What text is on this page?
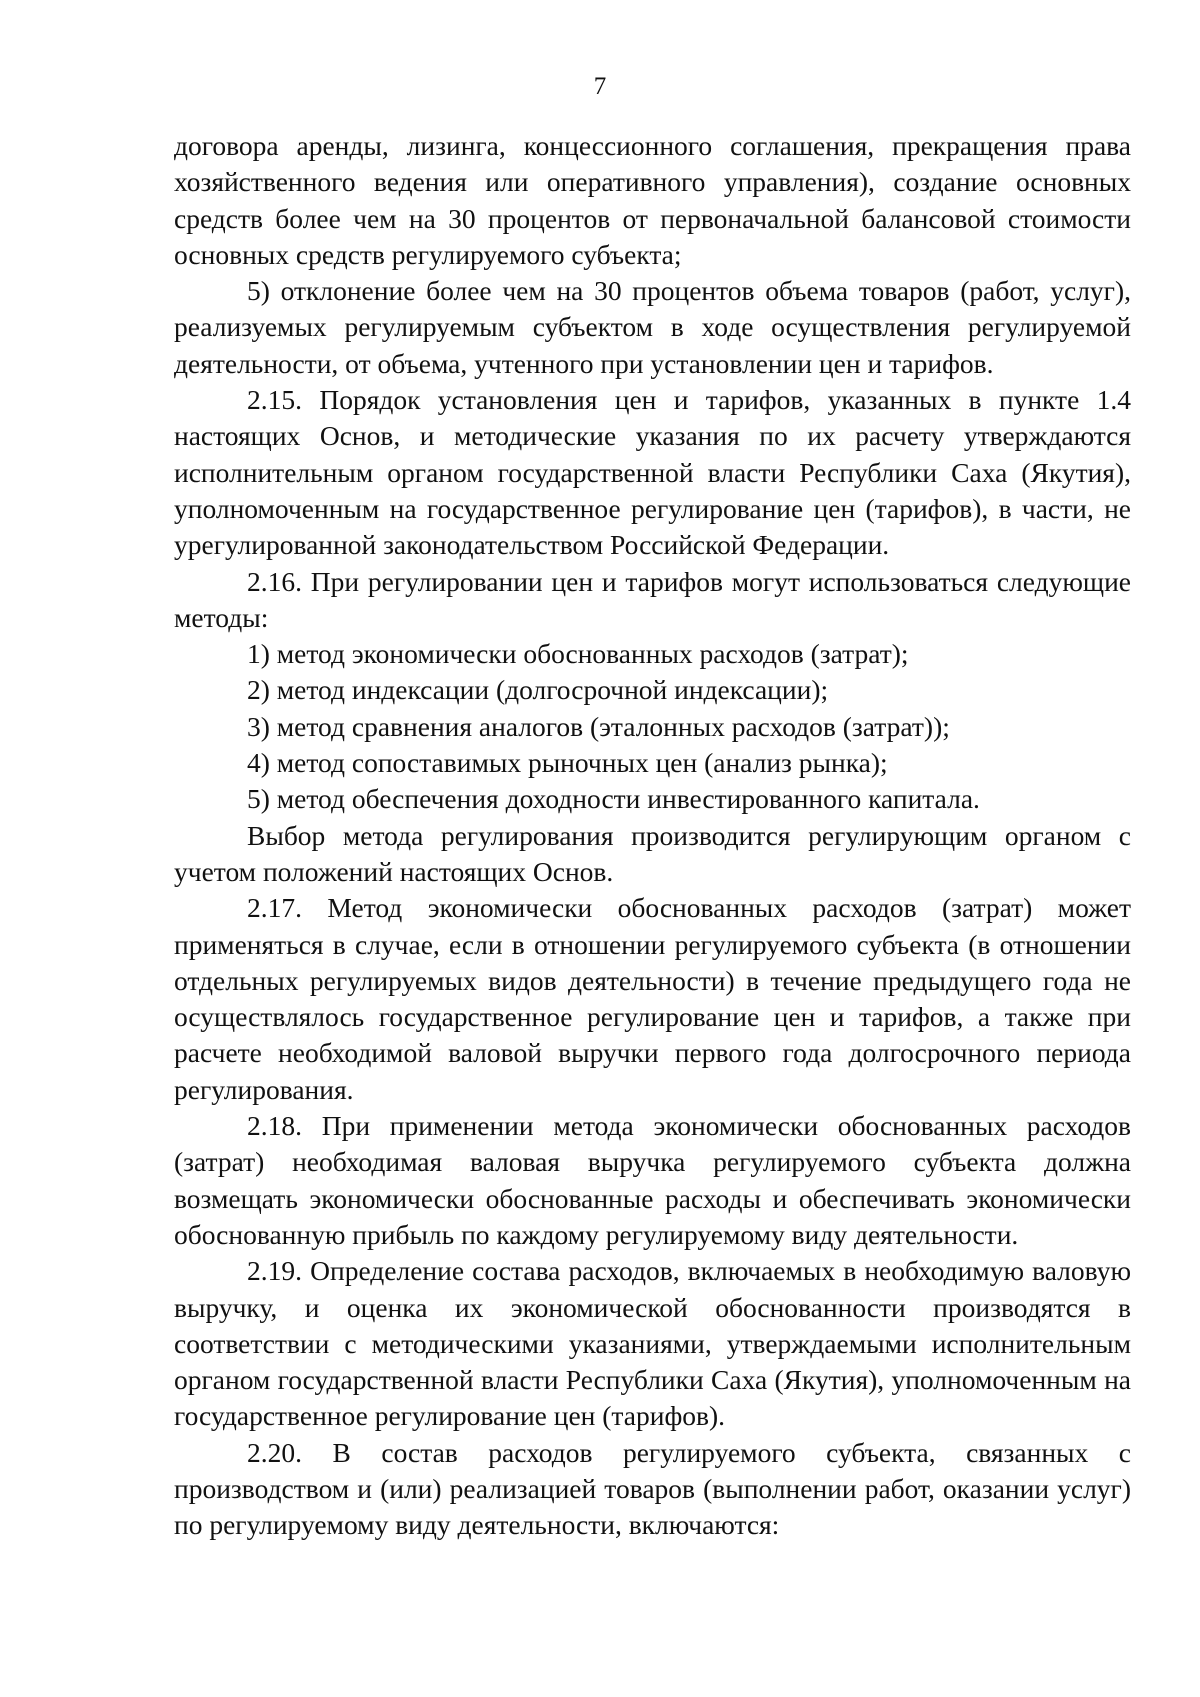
7

договора аренды, лизинга, концессионного соглашения, прекращения права хозяйственного ведения или оперативного управления), создание основных средств более чем на 30 процентов от первоначальной балансовой стоимости основных средств регулируемого субъекта;

5) отклонение более чем на 30 процентов объема товаров (работ, услуг), реализуемых регулируемым субъектом в ходе осуществления регулируемой деятельности, от объема, учтенного при установлении цен и тарифов.

2.15. Порядок установления цен и тарифов, указанных в пункте 1.4 настоящих Основ, и методические указания по их расчету утверждаются исполнительным органом государственной власти Республики Саха (Якутия), уполномоченным на государственное регулирование цен (тарифов), в части, не урегулированной законодательством Российской Федерации.

2.16. При регулировании цен и тарифов могут использоваться следующие методы:

1) метод экономически обоснованных расходов (затрат);

2) метод индексации (долгосрочной индексации);

3) метод сравнения аналогов (эталонных расходов (затрат));

4) метод сопоставимых рыночных цен (анализ рынка);

5) метод обеспечения доходности инвестированного капитала.

Выбор метода регулирования производится регулирующим органом с учетом положений настоящих Основ.

2.17. Метод экономически обоснованных расходов (затрат) может применяться в случае, если в отношении регулируемого субъекта (в отношении отдельных регулируемых видов деятельности) в течение предыдущего года не осуществлялось государственное регулирование цен и тарифов, а также при расчете необходимой валовой выручки первого года долгосрочного периода регулирования.

2.18. При применении метода экономически обоснованных расходов (затрат) необходимая валовая выручка регулируемого субъекта должна возмещать экономически обоснованные расходы и обеспечивать экономически обоснованную прибыль по каждому регулируемому виду деятельности.

2.19. Определение состава расходов, включаемых в необходимую валовую выручку, и оценка их экономической обоснованности производятся в соответствии с методическими указаниями, утверждаемыми исполнительным органом государственной власти Республики Саха (Якутия), уполномоченным на государственное регулирование цен (тарифов).

2.20. В состав расходов регулируемого субъекта, связанных с производством и (или) реализацией товаров (выполнении работ, оказании услуг) по регулируемому виду деятельности, включаются:
